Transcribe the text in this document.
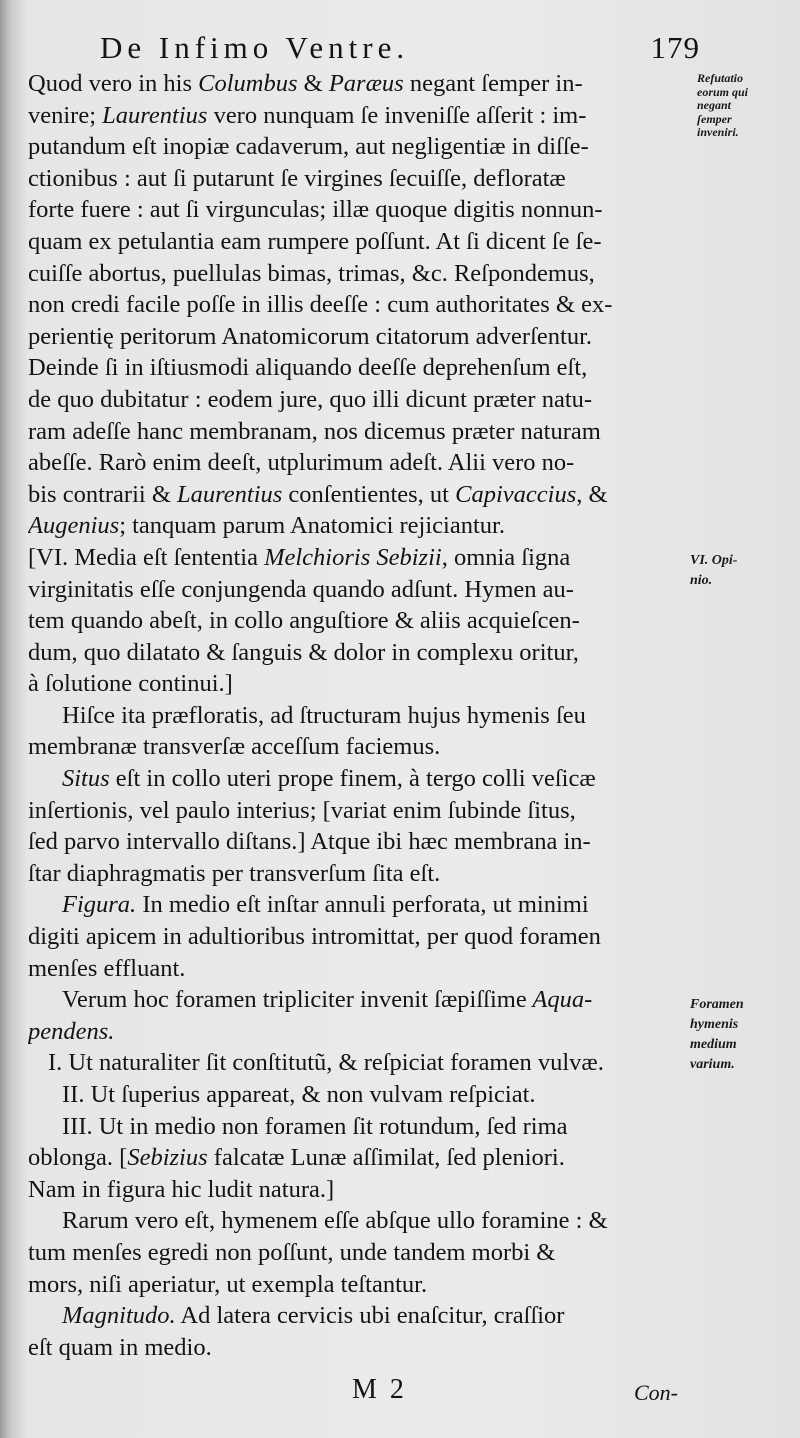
De Infimo Ventre.	179
Quod vero in his Columbus & Paræus negant ſemper in-
venire; Laurentius vero nunquam ſe inveniſſe aſſerit : im-
putandum eſt inopiæ cadaverum, aut negligentiæ in diſſe-
ctionibus : aut ſi putarunt ſe virgines ſecuiſſe, defloratæ
forte fuere : aut ſi virgunculas; illæ quoque digitis nonnun-
quam ex petulantia eam rumpere poſſunt. At ſi dicent ſe ſe-
cuiſſe abortus, puellulas bimas, trimas, &c. Reſpondemus,
non credi facile poſſe in illis deeſſe : cum authoritates & ex-
perientię peritorum Anatomicorum citatorum adverſentur.
Deinde ſi in iſtiusmodi aliquando deeſſe deprehenſum eſt,
de quo dubitatur : eodem jure, quo illi dicunt præter natu-
ram adeſſe hanc membranam, nos dicemus præter naturam
abeſſe. Rarò enim deeſt, utplurimum adeſt. Alii vero no-
bis contrarii & Laurentius conſentientes, ut Capivaccius, &
Augenius; tanquam parum Anatomici rejiciantur.
[VI. Media eſt ſententia Melchioris Sebizii, omnia ſigna
virginitatis eſſe conjungenda quando adſunt. Hymen au-
tem quando abeſt, in collo anguſtiore & aliis acquieſcen-
dum, quo dilatato & ſanguis & dolor in complexu oritur,
à ſolutione continui.]
Hiſce ita præfloratis, ad ſtructuram hujus hymenis ſeu
membranæ transverſæ acceſſum faciemus.
Situs eſt in collo uteri prope finem, à tergo colli veſicæ
inſertionis, vel paulo interius; [variat enim ſubinde ſitus,
ſed parvo intervallo diſtans.] Atque ibi hæc membrana in-
ſtar diaphragmatis per transverſum ſita eſt.
Figura. In medio eſt inſtar annuli perforata, ut minimi
digiti apicem in adultioribus intromittat, per quod foramen
menſes effluant.
Verum hoc foramen tripliciter invenit ſæpiſſime Aqua-
pendens.
I. Ut naturaliter ſit conſtitutũ, & reſpiciat foramen vulvæ.
II. Ut ſuperius appareat, & non vulvam reſpiciat.
III. Ut in medio non foramen ſit rotundum, ſed rima
oblonga. [Sebizius falcatæ Lunæ aſſimilat, ſed pleniori.
Nam in figura hic ludit natura.]
Rarum vero eſt, hymenem eſſe abſque ullo foramine : &
tum menſes egredi non poſſunt, unde tandem morbi &
mors, niſi aperiatur, ut exempla teſtantur.
Magnitudo. Ad latera cervicis ubi enaſcitur, craſſior
eſt quam in medio.
Refutatio
eorum qui
negant
ſemper
inveniri.
VI. Opi-
nio.
Foramen
hymenis
medium
varium.
M 2	Con-
